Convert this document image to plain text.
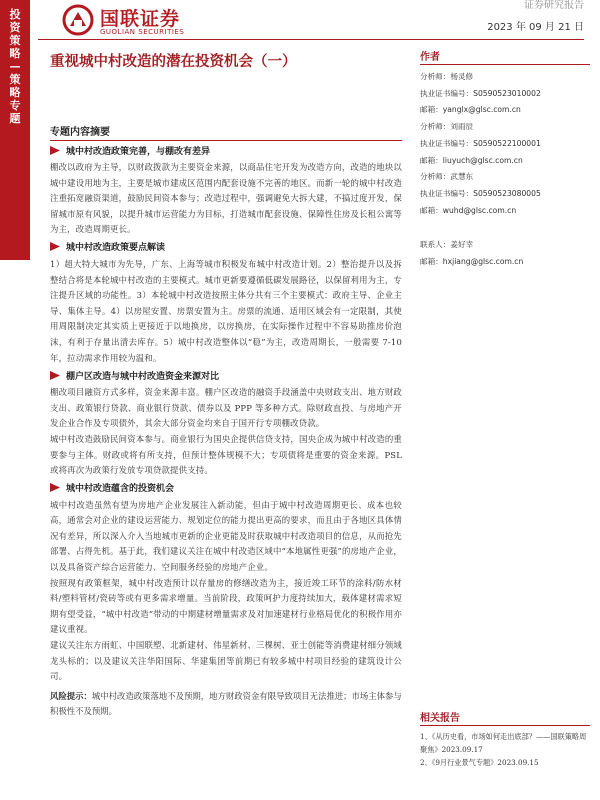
投
资
策
略
—
策
略
专
题
国联证券
GUOLIAN SECURITIES
证券研究报告
2023 年 09 月 21 日
重视城中村改造的潜在投资机会（一）
专题内容摘要
城中村改造政策完善，与棚改有差异

棚改以政府为主导，以财政拨款为主要资金来源，以商品住宅开发为改造方向，改造的地块以城中建设用地为主，主要是城市建成区范围内配套设施不完善的地区。而新一轮的城中村改造注重拓宽融资渠道，鼓励民间资本参与；改造过程中，强调避免大拆大建，不搞过度开发，保留城市原有风貌，以提升城市运营能力为目标，打造城市配套设施、保障性住房及长租公寓等为主，改造周期更长。

城中村改造政策要点解读

1）超大特大城市为先导，广东、上海等城市积极发布城中村改造计划。2）整治提升以及拆整结合将是本轮城中村改造的主要模式。城市更新要遵循低碳发展路径，以保留利用为主，专注提升区域的功能性。3）本轮城中村改造按照主体分共有三个主要模式：政府主导、企业主导、集体主导。4）以房屋安置、房票安置为主。房票的流通、适用区域会有一定限制，其使用周限制决定其实质上更接近于以地换房，以房换房，在实际操作过程中不容易助推房价泡沫，有利于存量出清去库存。5）城中村改造整体以“稳”为主，改造周期长，一般需要 7-10 年，拉动需求作用较为温和。

棚户区改造与城中村改造资金来源对比

棚改项目融资方式多样，资金来源丰富。棚户区改造的融资手段涵盖中央财政支出、地方财政支出、政策银行贷款、商业银行贷款、债券以及 PPP 等多种方式。除财政直投、与房地产开发企业合作及专项债外，其余大部分资金均来自于国开行专项棚改贷款。

城中村改造鼓励民间资本参与。商业银行为国央企提供信贷支持，国央企成为城中村改造的重要参与主体。财政或将有所支持，但预计整体规模不大；专项债将是重要的资金来源。PSL 或将再次为政策行发放专项贷款提供支持。

城中村改造蕴含的投资机会

城中村改造虽然有望为房地产企业发展注入新动能，但由于城中村改造周期更长、成本也较高，通常会对企业的建设运营能力、规划定位的能力提出更高的要求，而且由于各地区具体情况有差异，所以深入介入当地城市更新的企业更能及时获取城中村改造项目的信息，从而抢先部署、占得先机。基于此，我们建议关注在城中村改造区域中“本地属性更强”的房地产企业，以及具备资产综合运营能力、空间服务经验的房地产企业。

按照现有政策框架，城中村改造预计以存量房的修缮改造为主，接近竣工环节的涂料/防水材料/塑料管材/瓷砖等或有更多需求增量。当前阶段，政策呵护力度持续加大，载体建材需求短期有望受益，“城中村改造”带动的中期建材增量需求及对加速建材行业格局优化的积极作用亦建议重视。

建议关注东方雨虹、中国联塑、北新建材、伟星新材、三棵树、亚士创能等消费建材细分领域龙头标的；以及建议关注华阳国际、华建集团等前期已有较多城中村项目经验的建筑设计公司。

风险提示：城中村改造政策落地不及预期，地方财政资金有限导致项目无法推进；市场主体参与积极性不及预期。

作者
分析师：杨灵修
执业证书编号：S0590523010002
邮箱：yanglx@glsc.com.cn
分析师：刘雨辰
执业证书编号：S0590522100001
邮箱：liuyuch@glsc.com.cn
分析师：武慧东
执业证书编号：S0590523080005
邮箱：wuhd@glsc.com.cn
联系人：姜好幸
邮箱：hxjiang@glsc.com.cn
相关报告
1、《从历史看，市场如何走出底部？——国联策略周聚焦》2023.09.17
2、《9月行业景气专题》2023.09.15
